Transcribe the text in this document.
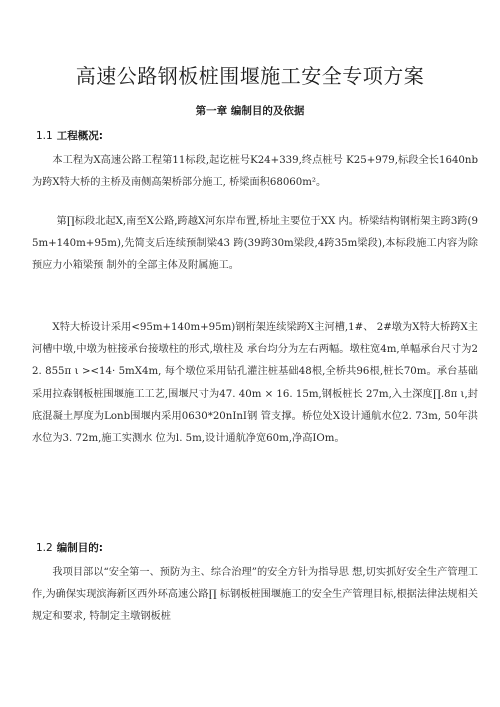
高速公路钢板桩围堰施工安全专项方案
第一章 编制目的及依据
1.1 工程概况:

本工程为X高速公路工程第11标段,起讫桩号K24+339,终点桩号 K25+979,标段全长1640nb为跨X特大桥的主桥及南侧高架桥部分施工, 桥梁面积68060m²。

第∏标段北起X,南至X公路,跨越X河东岸布置,桥址主要位于XX 内。桥梁结构钢桁架主跨3跨(95m+140m+95m),先简支后连续预制梁43 跨(39跨30m梁段,4跨35m梁段),本标段施工内容为除预应力小箱梁预 制外的全部主体及附属施工。

X特大桥设计采用<95m+140m+95m)钢桁架连续梁跨X主河槽,1#、 2#墩为X特大桥跨X主河槽中墩,中墩为桩接承台接墩柱的形式,墩柱及 承台均分为左右两幅。墩柱宽4m,单幅承台尺寸为22. 855π ι ><14· 5mX4m, 每个墩位采用钻孔灌注桩基础48根,全桥共96根,桩长70m。承台基础 采用拉森钢板桩围堰施工工艺,围堰尺寸为47. 40m × 16. 15m,钢板桩长 27m,入土深度∏.8π ι,封底混凝土厚度为Lonb围堰内采用0630*20nInI钢 管支撑。桥位处X设计通航水位2. 73m, 50年洪水位为3. 72m,施工实测水 位为l. 5m,设计通航净宽60m,净高IOm。

1.2 编制目的:

我项目部以“安全第一、预防为主、综合治理”的安全方针为指导思 想,切实抓好安全生产管理工作,为确保实现滨海新区西外环高速公路∏ 标钢板桩围堰施工的安全生产管理目标,根据法律法规相关规定和要求, 特制定主墩钢板桩
